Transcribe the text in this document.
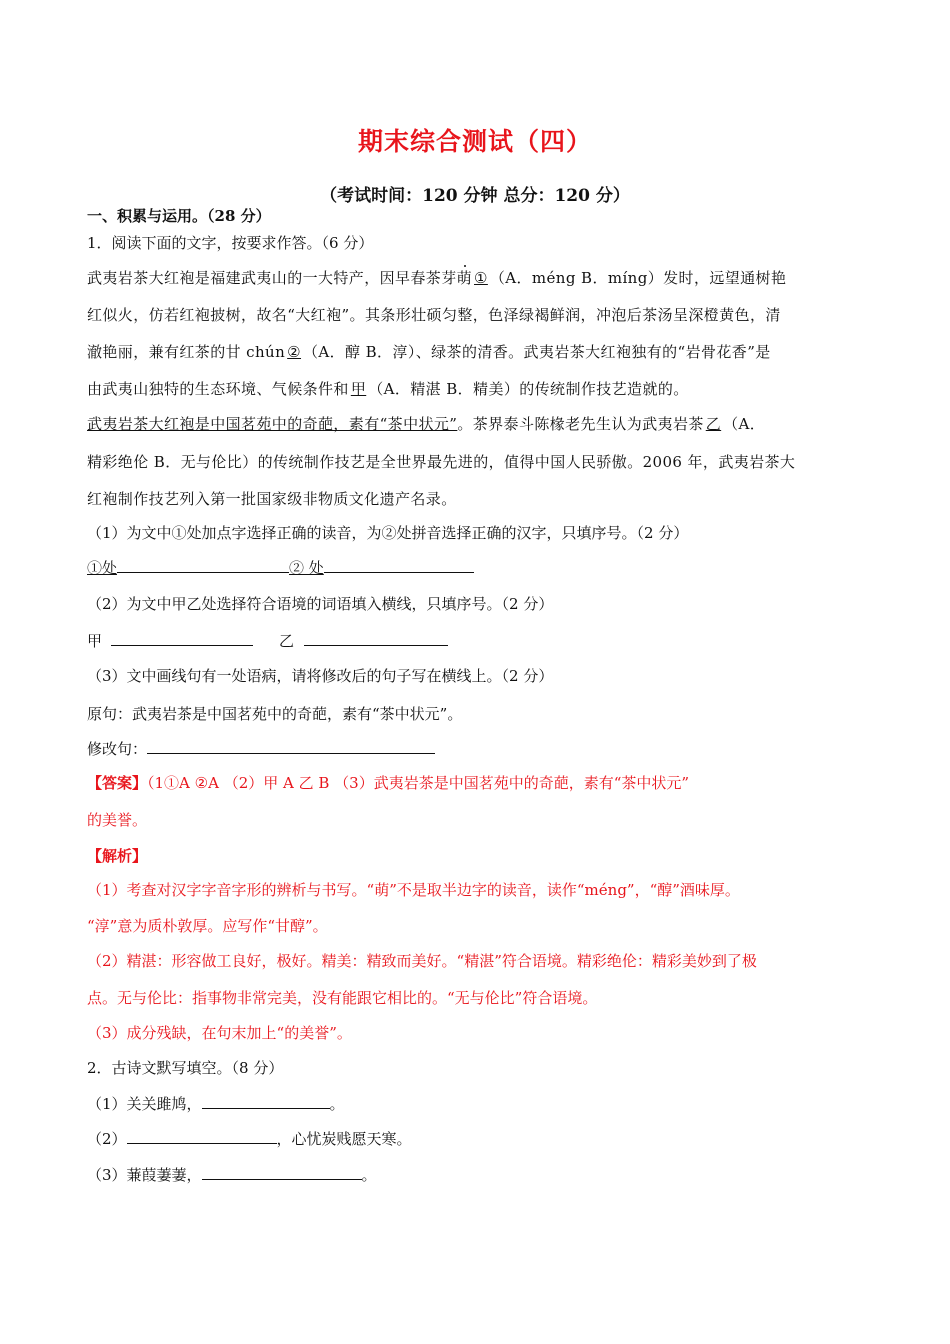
期末综合测试（四）
（考试时间：120 分钟 总分：120 分）
一、积累与运用。（28 分）
1．阅读下面的文字，按要求作答。（6 分）
武夷岩茶大红袍是福建武夷山的一大特产，因早春茶芽萌 ① （A．méng B．míng）发时，远望通树艳
红似火，仿若红袍披树，故名“大红袍”。其条形壮硕匀整，色泽绿褐鲜润，冲泡后茶汤呈深橙黄色，清
澈艳丽，兼有红茶的甘 chún ② （A．醇 B．淳）、绿茶的清香。武夷岩茶大红袍独有的“岩骨花香”是
由武夷山独特的生态环境、气候条件和 甲 （A．精湛 B．精美）的传统制作技艺造就的。
武夷岩茶大红袍是中国茗苑中的奇葩，素有“茶中状元”。茶界泰斗陈椽老先生认为武夷岩茶 乙 （A．
精彩绝伦 B．无与伦比）的传统制作技艺是全世界最先进的，值得中国人民骄傲。2006 年，武夷岩茶大
红袍制作技艺列入第一批国家级非物质文化遗产名录。
（1）为文中①处加点字选择正确的读音，为②处拼音选择正确的汉字，只填序号。（2 分）
①处	② 处
（2）为文中甲乙处选择符合语境的词语填入横线，只填序号。（2 分）
甲	乙
（3）文中画线句有一处语病，请将修改后的句子写在横线上。（2 分）
原句：武夷岩茶是中国茗苑中的奇葩，素有“茶中状元”。
修改句：
【答案】（1①A ②A （2）甲 A 乙 B （3）武夷岩茶是中国茗苑中的奇葩，素有“茶中状元”
的美誉。
【解析】
（1）考查对汉字字音字形的辨析与书写。“萌”不是取半边字的读音，读作“méng”，“醇”酒味厚。
“淳”意为质朴敦厚。应写作“甘醇”。
（2）精湛：形容做工良好，极好。精美：精致而美好。“精湛”符合语境。精彩绝伦：精彩美妙到了极
点。无与伦比：指事物非常完美，没有能跟它相比的。“无与伦比”符合语境。
（3）成分残缺，在句末加上“的美誉”。
2．古诗文默写填空。（8 分）
（1）关关雎鸠，	。
（2）	，心忧炭贱愿天寒。
（3）蒹葭萋萋，	。
